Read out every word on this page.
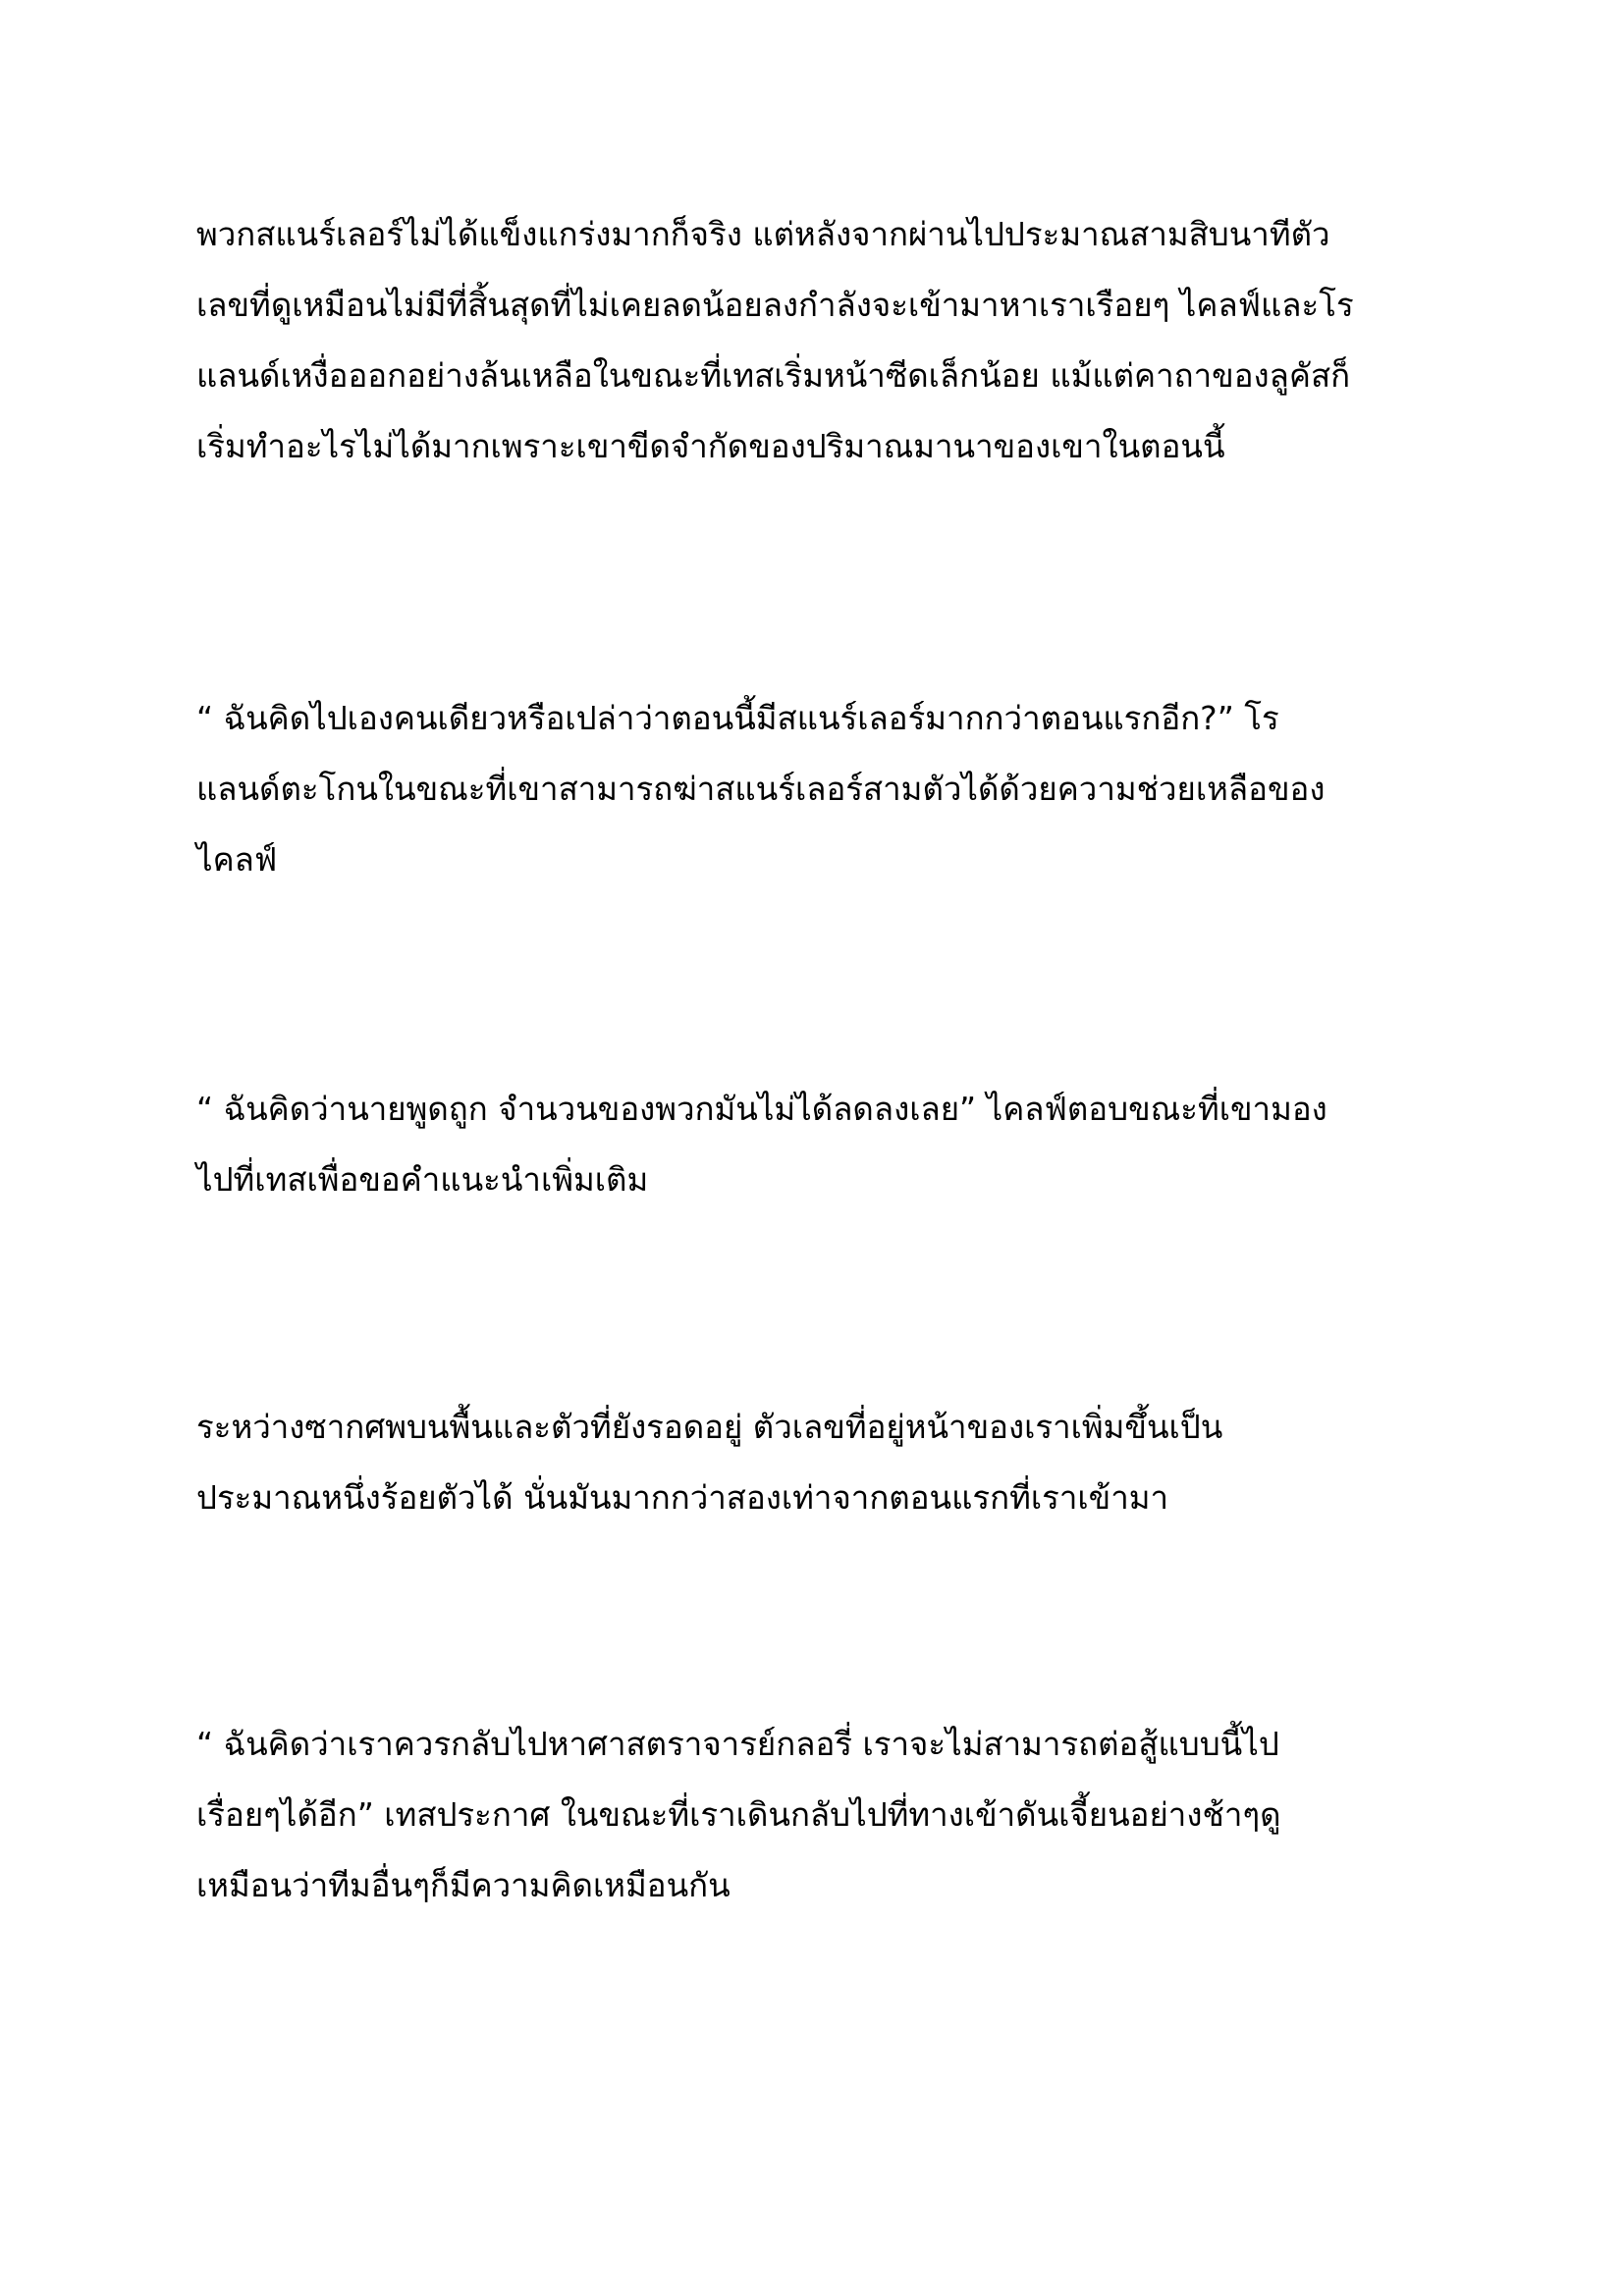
พวกสแนร์เลอร์ไม่ได้แข็งแกร่งมากก็จริง แต่หลังจากผ่านไปประมาณสามสิบนาทีตัว
เลขที่ดูเหมือนไม่มีที่สิ้นสุดที่ไม่เคยลดน้อยลงกำลังจะเข้ามาหาเราเรือยๆ ไคลฟ์และโร
แลนด์เหงื่อออกอย่างล้นเหลือในขณะที่เทสเริ่มหน้าซีดเล็กน้อย แม้แต่คาถาของลูคัสก็
เริ่มทำอะไรไม่ได้มากเพราะเขาขีดจำกัดของปริมาณมานาของเขาในตอนนี้

“ ฉันคิดไปเองคนเดียวหรือเปล่าว่าตอนนี้มีสแนร์เลอร์มากกว่าตอนแรกอีก?” โร
แลนด์ตะโกนในขณะที่เขาสามารถฆ่าสแนร์เลอร์สามตัวได้ด้วยความช่วยเหลือของ
ไคลฟ์

“ ฉันคิดว่านายพูดถูก จำนวนของพวกมันไม่ได้ลดลงเลย” ไคลฟ์ตอบขณะที่เขามอง
ไปที่เทสเพื่อขอคำแนะนำเพิ่มเติม

ระหว่างซากศพบนพื้นและตัวที่ยังรอดอยู่ ตัวเลขที่อยู่หน้าของเราเพิ่มขึ้นเป็น
ประมาณหนึ่งร้อยตัวได้ นั่นมันมากกว่าสองเท่าจากตอนแรกที่เราเข้ามา

“ ฉันคิดว่าเราควรกลับไปหาศาสตราจารย์กลอรี่ เราจะไม่สามารถต่อสู้แบบนี้ไป
เรื่อยๆได้อีก” เทสประกาศ ในขณะที่เราเดินกลับไปที่ทางเข้าดันเจี้ยนอย่างช้าๆดู
เหมือนว่าทีมอื่นๆก็มีความคิดเหมือนกัน
